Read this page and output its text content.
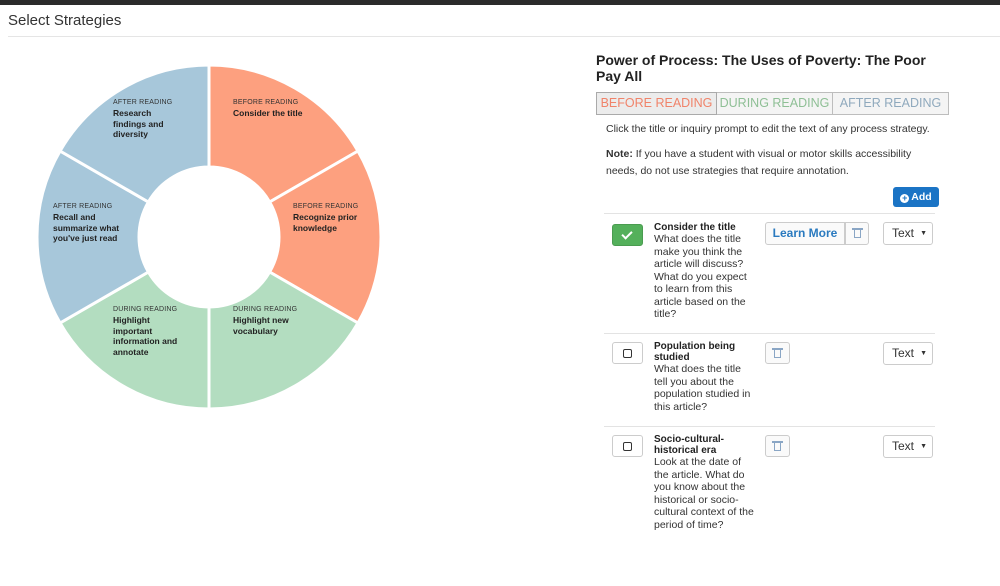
Select Strategies
BEFORE READING
Consider the title
BEFORE READING
Recognize prior knowledge
DURING READING
Highlight new vocabulary
DURING READING
Highlight important information and annotate
AFTER READING
Recall and summarize what you've just read
AFTER READING
Research findings and diversity
Power of Process: The Uses of Poverty: The Poor Pay All
BEFORE READING DURING READING AFTER READING
Click the title or inquiry prompt to edit the text of any process strategy.
Note: If you have a student with visual or motor skills accessibility needs, do not use strategies that require annotation.
+ Add
Consider the title
What does the title make you think the article will discuss? What do you expect to learn from this article based on the title?
Learn More	Text ▼
Population being studied
What does the title tell you about the population studied in this article?
Text ▼
Socio-cultural-historical era
Look at the date of the article. What do you know about the historical or socio-cultural context of the period of time?
Text ▼
